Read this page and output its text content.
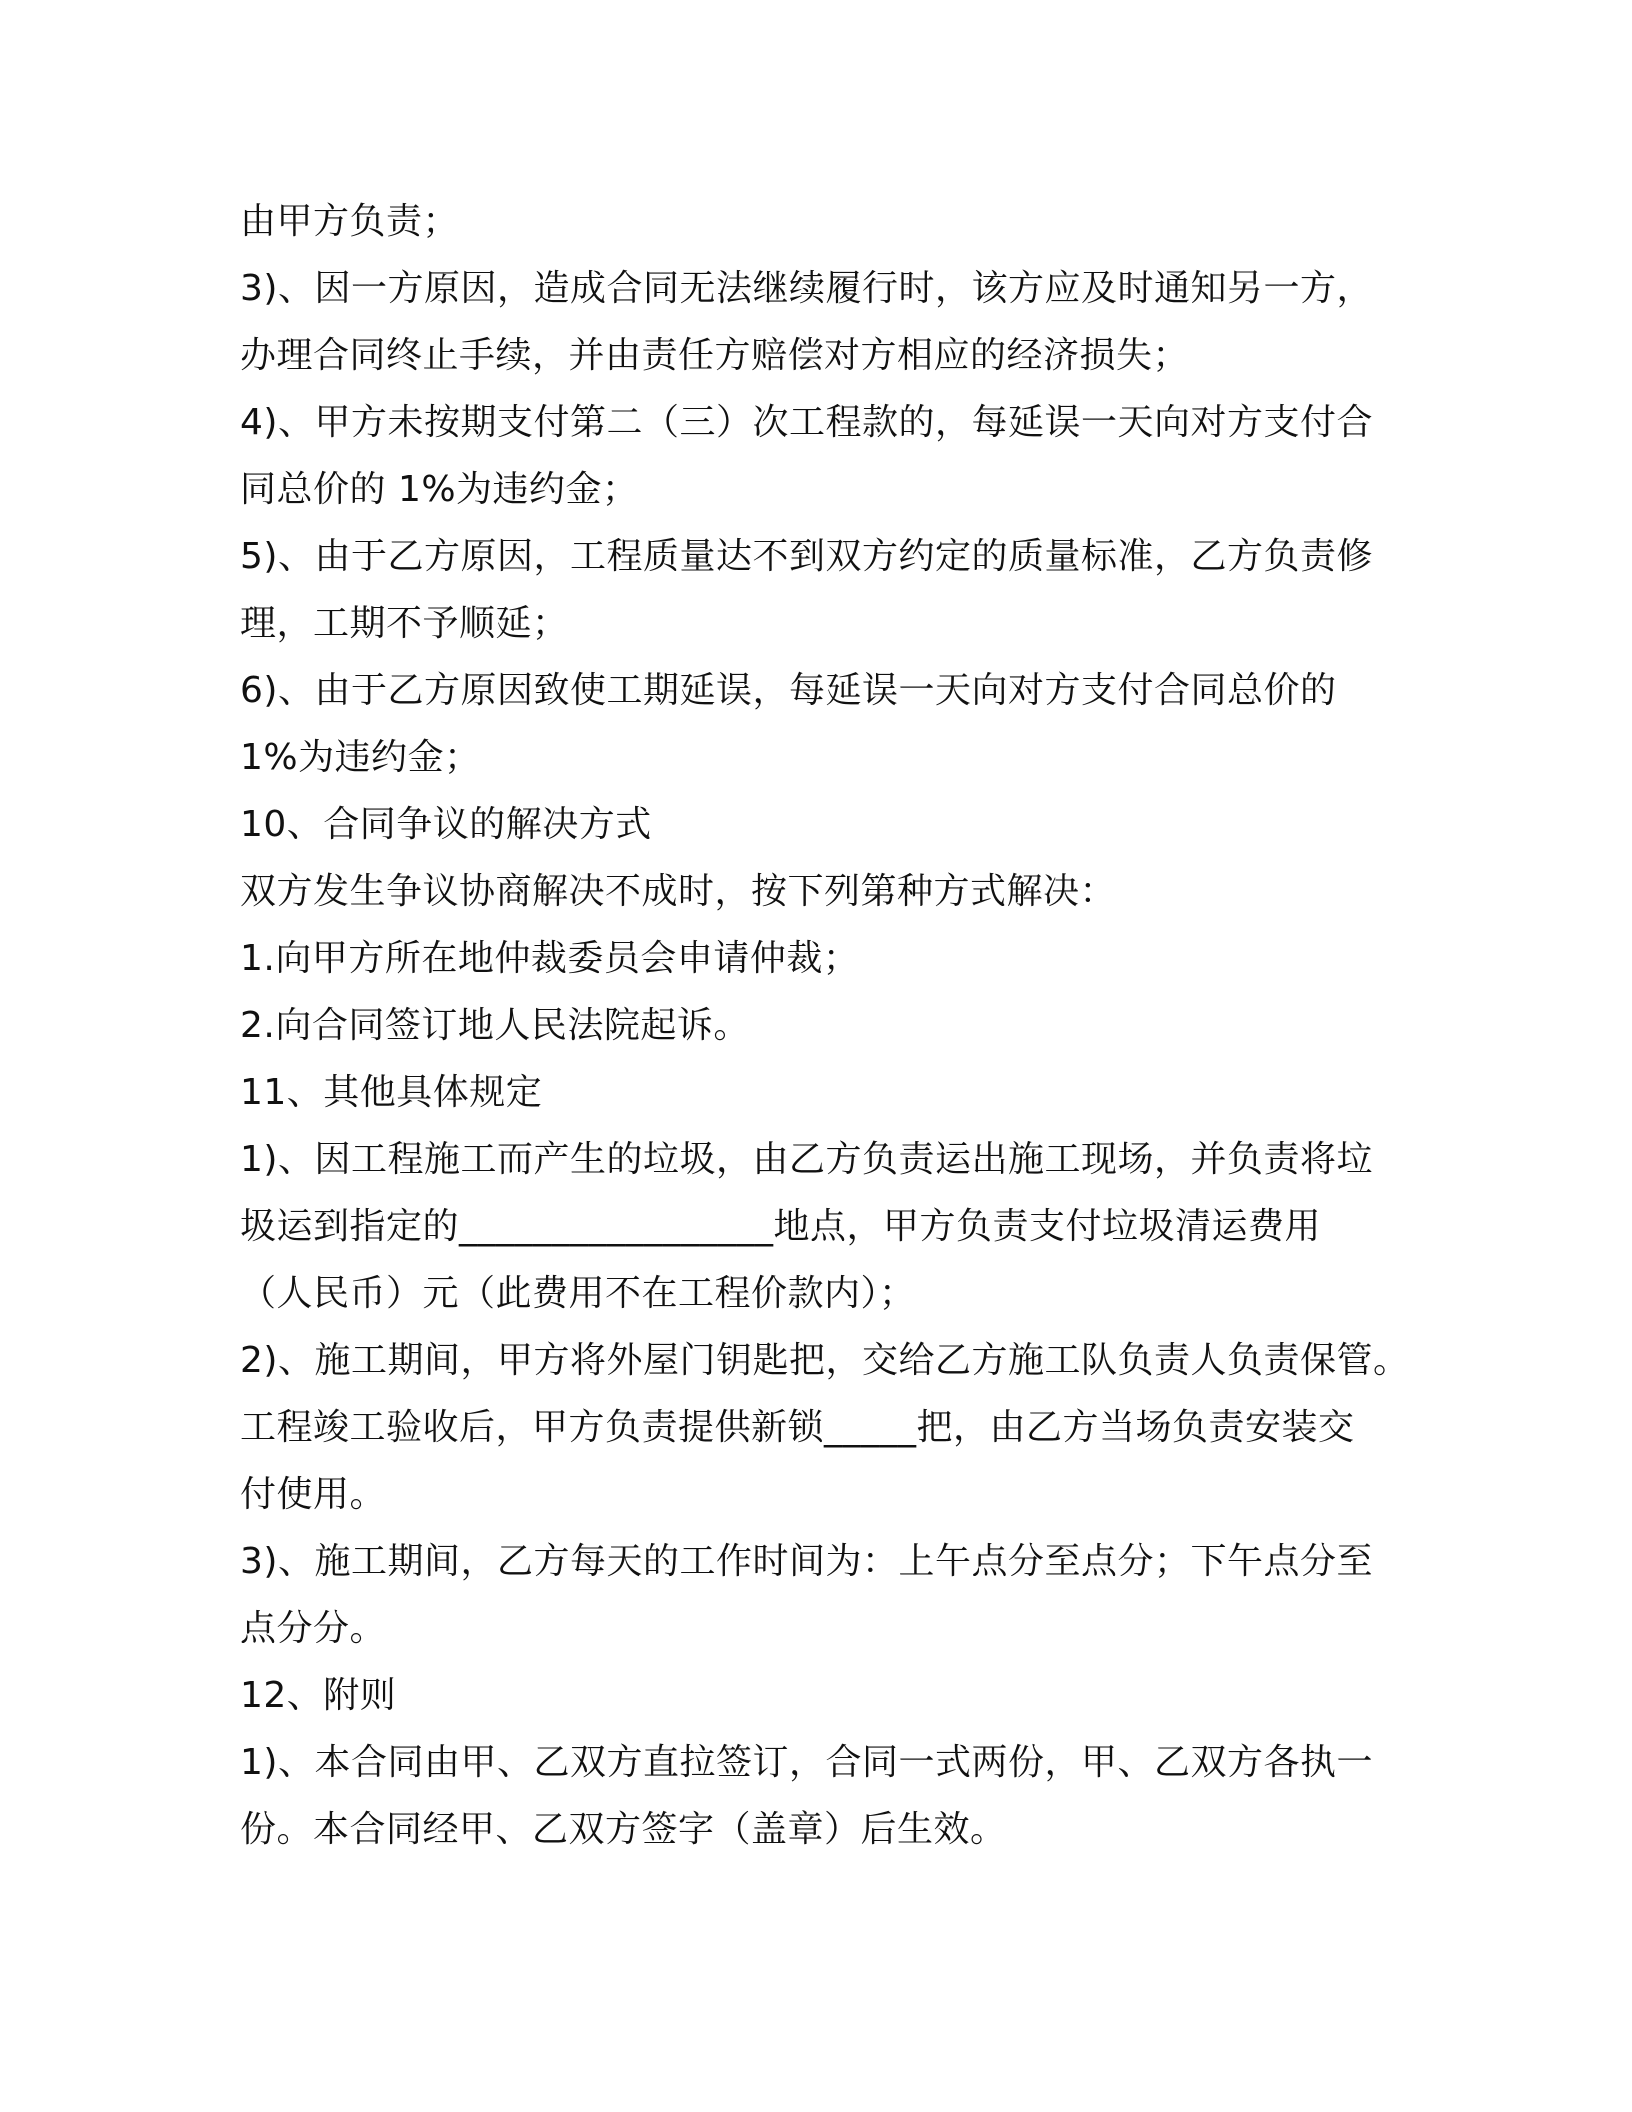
由甲方负责；
3)、因一方原因，造成合同无法继续履行时，该方应及时通知另一方，
办理合同终止手续，并由责任方赔偿对方相应的经济损失；
4)、甲方未按期支付第二（三）次工程款的，每延误一天向对方支付合
同总价的 1%为违约金；
5)、由于乙方原因，工程质量达不到双方约定的质量标准，乙方负责修
理，工期不予顺延；
6)、由于乙方原因致使工期延误，每延误一天向对方支付合同总价的
1%为违约金；
10、合同争议的解决方式
双方发生争议协商解决不成时，按下列第种方式解决：
1.向甲方所在地仲裁委员会申请仲裁；
2.向合同签订地人民法院起诉。
11、其他具体规定
1)、因工程施工而产生的垃圾，由乙方负责运出施工现场，并负责将垃
圾运到指定的_________________地点，甲方负责支付垃圾清运费用
（人民币）元（此费用不在工程价款内）；
2)、施工期间，甲方将外屋门钥匙把，交给乙方施工队负责人负责保管。
工程竣工验收后，甲方负责提供新锁_____把，由乙方当场负责安装交
付使用。
3)、施工期间，乙方每天的工作时间为：上午点分至点分；下午点分至
点分分。
12、附则
1)、本合同由甲、乙双方直拉签订，合同一式两份，甲、乙双方各执一
份。本合同经甲、乙双方签字（盖章）后生效。
